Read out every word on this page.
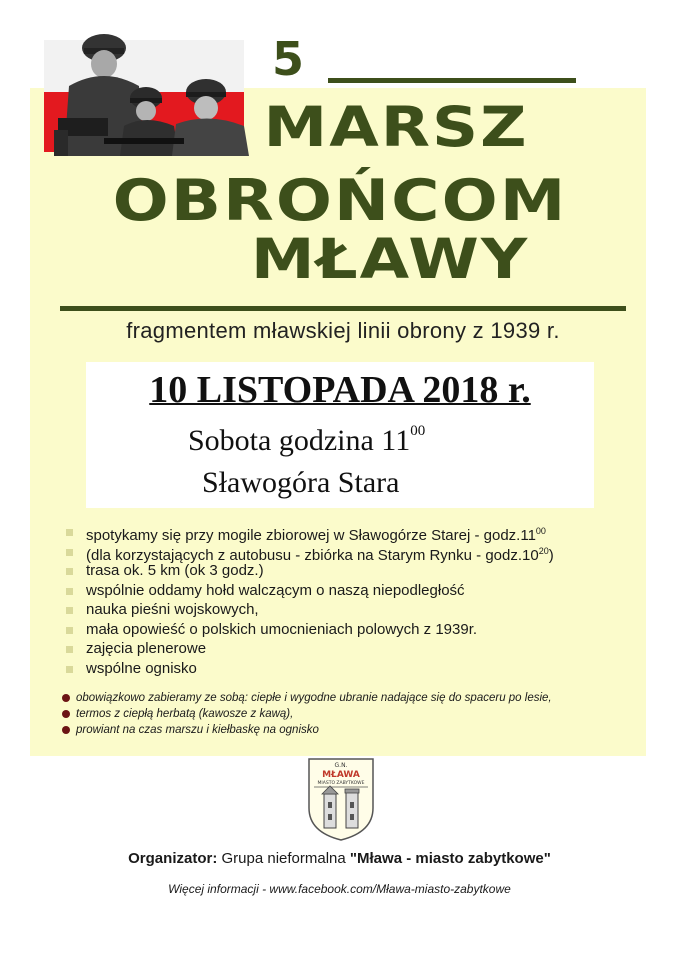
5
MARSZ
OBROŃCOM
MŁAWY
fragmentem mławskiej linii obrony z 1939 r.
10 LISTOPADA 2018 r.
Sobota godzina $11^{00}$
Sławogóra Stara
spotykamy się przy mogile zbiorowej w Sławogórze Starej - $godz.11^{00}$
(dla korzystających z autobusu - zbiórka na Starym Rynku - $godz.10^{20}$)
trasa ok. 5 km (ok 3 godz.)
wspólnie oddamy hołd walczącym o naszą niepodległość
nauka pieśni wojskowych,
mała opowieść o polskich umocnieniach polowych z 1939r.
zajęcia plenerowe
wspólne ognisko
obowiązkowo zabieramy ze sobą: ciepłe i wygodne ubranie nadające się do spaceru po lesie,
termos z ciepłą herbatą (kawosze z kawą),
prowiant na czas marszu i kiełbaskę na ognisko
G.N.
MŁAWA
MIASTO ZABYTKOWE
Organizator: Grupa nieformalna "Mława - miasto zabytkowe"
Więcej informacji - www.facebook.com/Mława-miasto-zabytkowe
